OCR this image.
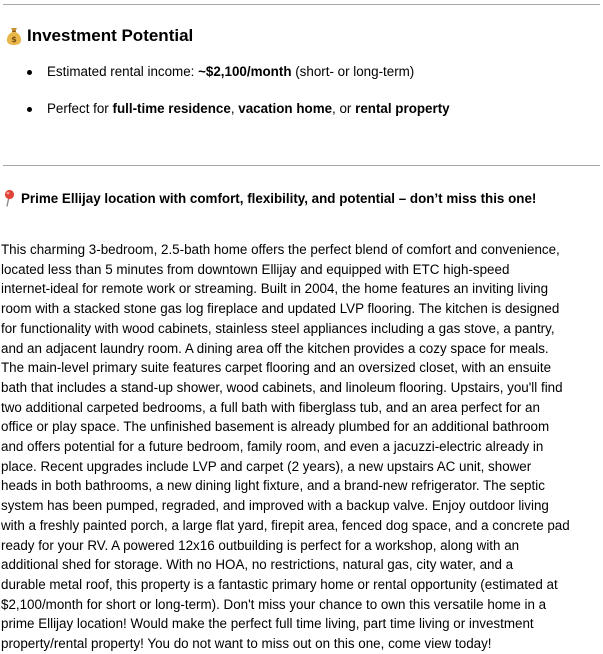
$ Investment Potential
Estimated rental income: ~$2,100/month (short- or long-term)
Perfect for full-time residence, vacation home, or rental property
Prime Ellijay location with comfort, flexibility, and potential – don’t miss this one!

This charming 3-bedroom, 2.5-bath home offers the perfect blend of comfort and convenience,
located less than 5 minutes from downtown Ellijay and equipped with ETC high-speed
internet-ideal for remote work or streaming. Built in 2004, the home features an inviting living
room with a stacked stone gas log fireplace and updated LVP flooring. The kitchen is designed
for functionality with wood cabinets, stainless steel appliances including a gas stove, a pantry,
and an adjacent laundry room. A dining area off the kitchen provides a cozy space for meals.
The main-level primary suite features carpet flooring and an oversized closet, with an ensuite
bath that includes a stand-up shower, wood cabinets, and linoleum flooring. Upstairs, you'll find
two additional carpeted bedrooms, a full bath with fiberglass tub, and an area perfect for an
office or play space. The unfinished basement is already plumbed for an additional bathroom
and offers potential for a future bedroom, family room, and even a jacuzzi-electric already in
place. Recent upgrades include LVP and carpet (2 years), a new upstairs AC unit, shower
heads in both bathrooms, a new dining light fixture, and a brand-new refrigerator. The septic
system has been pumped, regraded, and improved with a backup valve. Enjoy outdoor living
with a freshly painted porch, a large flat yard, firepit area, fenced dog space, and a concrete pad
ready for your RV. A powered 12x16 outbuilding is perfect for a workshop, along with an
additional shed for storage. With no HOA, no restrictions, natural gas, city water, and a
durable metal roof, this property is a fantastic primary home or rental opportunity (estimated at
$2,100/month for short or long-term). Don't miss your chance to own this versatile home in a
prime Ellijay location! Would make the perfect full time living, part time living or investment
property/rental property! You do not want to miss out on this one, come view today!
